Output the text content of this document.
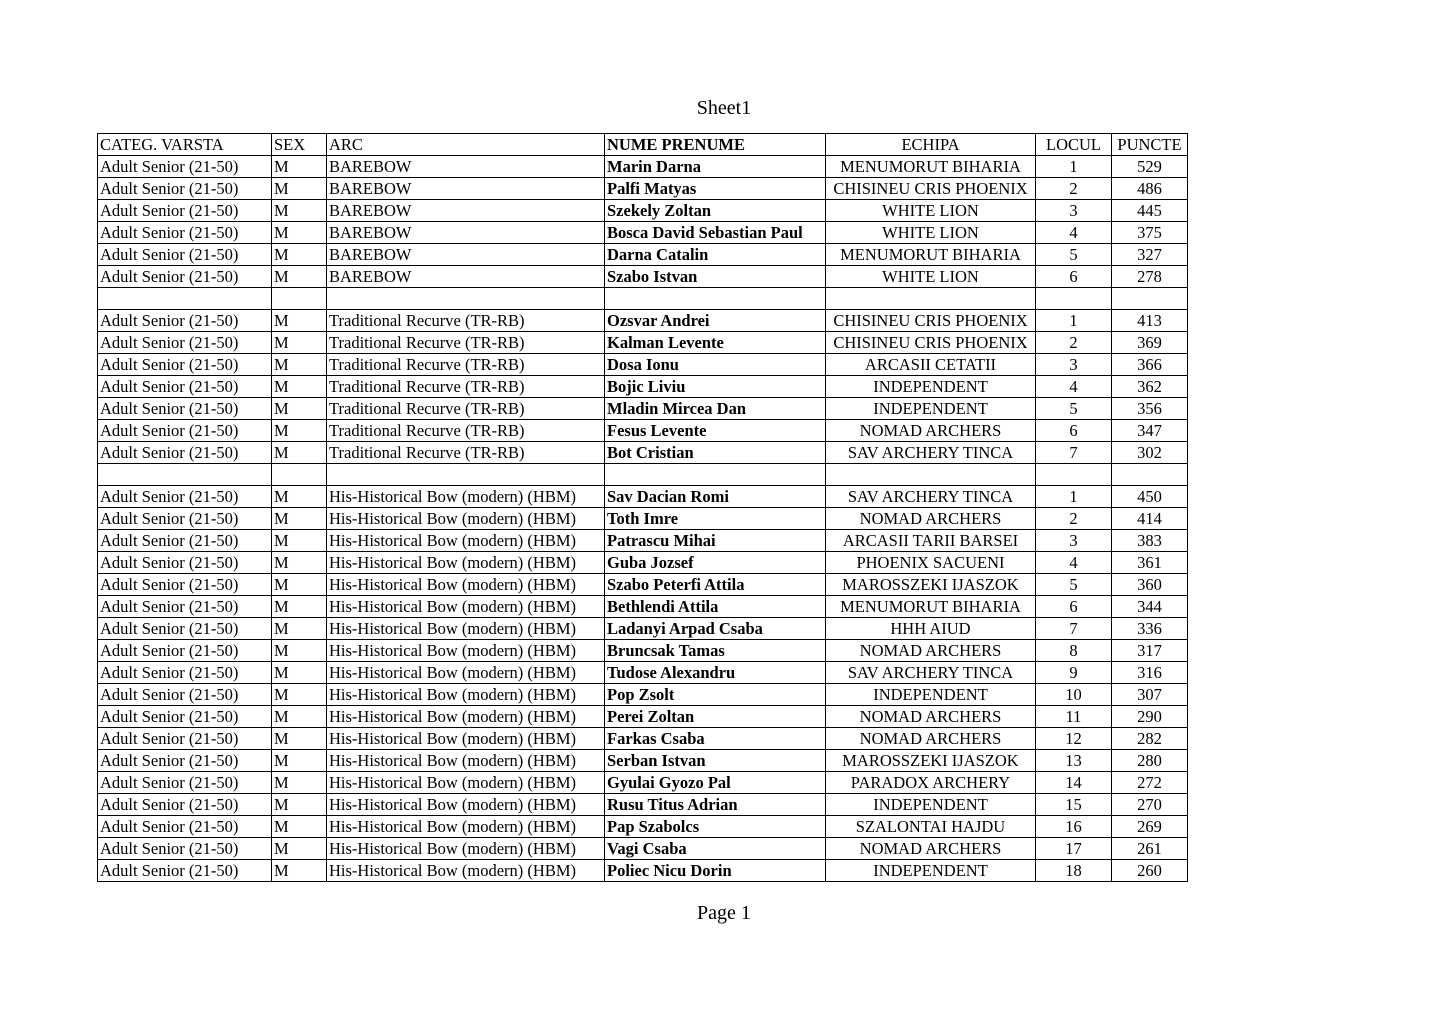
Sheet1
CATEG. VARSTA	SEX	ARC	NUME PRENUME	ECHIPA	LOCUL	PUNCTE
Adult Senior (21-50)	M	BAREBOW	Marin Darna	MENUMORUT BIHARIA	1	529
Adult Senior (21-50)	M	BAREBOW	Palfi Matyas	CHISINEU CRIS PHOENIX	2	486
Adult Senior (21-50)	M	BAREBOW	Szekely Zoltan	WHITE LION	3	445
Adult Senior (21-50)	M	BAREBOW	Bosca David Sebastian Paul	WHITE LION	4	375
Adult Senior (21-50)	M	BAREBOW	Darna Catalin	MENUMORUT BIHARIA	5	327
Adult Senior (21-50)	M	BAREBOW	Szabo Istvan	WHITE LION	6	278

Adult Senior (21-50)	M	Traditional Recurve (TR-RB)	Ozsvar Andrei	CHISINEU CRIS PHOENIX	1	413
Adult Senior (21-50)	M	Traditional Recurve (TR-RB)	Kalman Levente	CHISINEU CRIS PHOENIX	2	369
Adult Senior (21-50)	M	Traditional Recurve (TR-RB)	Dosa Ionu	ARCASII CETATII	3	366
Adult Senior (21-50)	M	Traditional Recurve (TR-RB)	Bojic Liviu	INDEPENDENT	4	362
Adult Senior (21-50)	M	Traditional Recurve (TR-RB)	Mladin Mircea Dan	INDEPENDENT	5	356
Adult Senior (21-50)	M	Traditional Recurve (TR-RB)	Fesus Levente	NOMAD ARCHERS	6	347
Adult Senior (21-50)	M	Traditional Recurve (TR-RB)	Bot Cristian	SAV ARCHERY TINCA	7	302

Adult Senior (21-50)	M	His-Historical Bow (modern) (HBM)	Sav Dacian Romi	SAV ARCHERY TINCA	1	450
Adult Senior (21-50)	M	His-Historical Bow (modern) (HBM)	Toth Imre	NOMAD ARCHERS	2	414
Adult Senior (21-50)	M	His-Historical Bow (modern) (HBM)	Patrascu Mihai	ARCASII TARII BARSEI	3	383
Adult Senior (21-50)	M	His-Historical Bow (modern) (HBM)	Guba Jozsef	PHOENIX SACUENI	4	361
Adult Senior (21-50)	M	His-Historical Bow (modern) (HBM)	Szabo Peterfi Attila	MAROSSZEKI IJASZOK	5	360
Adult Senior (21-50)	M	His-Historical Bow (modern) (HBM)	Bethlendi Attila	MENUMORUT BIHARIA	6	344
Adult Senior (21-50)	M	His-Historical Bow (modern) (HBM)	Ladanyi Arpad Csaba	HHH AIUD	7	336
Adult Senior (21-50)	M	His-Historical Bow (modern) (HBM)	Bruncsak Tamas	NOMAD ARCHERS	8	317
Adult Senior (21-50)	M	His-Historical Bow (modern) (HBM)	Tudose Alexandru	SAV ARCHERY TINCA	9	316
Adult Senior (21-50)	M	His-Historical Bow (modern) (HBM)	Pop Zsolt	INDEPENDENT	10	307
Adult Senior (21-50)	M	His-Historical Bow (modern) (HBM)	Perei Zoltan	NOMAD ARCHERS	11	290
Adult Senior (21-50)	M	His-Historical Bow (modern) (HBM)	Farkas Csaba	NOMAD ARCHERS	12	282
Adult Senior (21-50)	M	His-Historical Bow (modern) (HBM)	Serban Istvan	MAROSSZEKI IJASZOK	13	280
Adult Senior (21-50)	M	His-Historical Bow (modern) (HBM)	Gyulai Gyozo Pal	PARADOX ARCHERY	14	272
Adult Senior (21-50)	M	His-Historical Bow (modern) (HBM)	Rusu Titus Adrian	INDEPENDENT	15	270
Adult Senior (21-50)	M	His-Historical Bow (modern) (HBM)	Pap Szabolcs	SZALONTAI HAJDU	16	269
Adult Senior (21-50)	M	His-Historical Bow (modern) (HBM)	Vagi Csaba	NOMAD ARCHERS	17	261
Adult Senior (21-50)	M	His-Historical Bow (modern) (HBM)	Poliec Nicu Dorin	INDEPENDENT	18	260
Page 1
